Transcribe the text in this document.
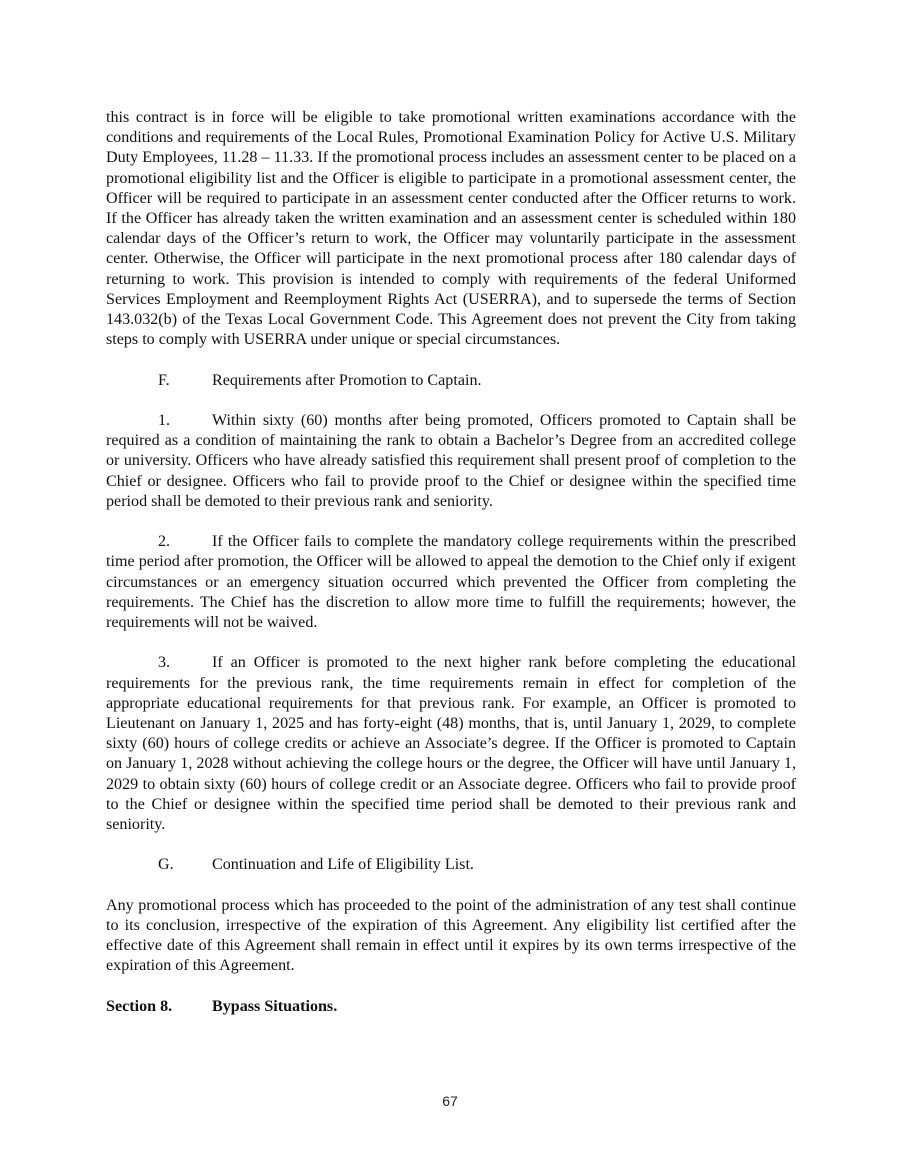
this contract is in force will be eligible to take promotional written examinations accordance with the conditions and requirements of the Local Rules, Promotional Examination Policy for Active U.S. Military Duty Employees, 11.28 – 11.33. If the promotional process includes an assessment center to be placed on a promotional eligibility list and the Officer is eligible to participate in a promotional assessment center, the Officer will be required to participate in an assessment center conducted after the Officer returns to work. If the Officer has already taken the written examination and an assessment center is scheduled within 180 calendar days of the Officer’s return to work, the Officer may voluntarily participate in the assessment center. Otherwise, the Officer will participate in the next promotional process after 180 calendar days of returning to work. This provision is intended to comply with requirements of the federal Uniformed Services Employment and Reemployment Rights Act (USERRA), and to supersede the terms of Section 143.032(b) of the Texas Local Government Code. This Agreement does not prevent the City from taking steps to comply with USERRA under unique or special circumstances.

F.	Requirements after Promotion to Captain.

1.	Within sixty (60) months after being promoted, Officers promoted to Captain shall be required as a condition of maintaining the rank to obtain a Bachelor’s Degree from an accredited college or university. Officers who have already satisfied this requirement shall present proof of completion to the Chief or designee. Officers who fail to provide proof to the Chief or designee within the specified time period shall be demoted to their previous rank and seniority.

2.	If the Officer fails to complete the mandatory college requirements within the prescribed time period after promotion, the Officer will be allowed to appeal the demotion to the Chief only if exigent circumstances or an emergency situation occurred which prevented the Officer from completing the requirements. The Chief has the discretion to allow more time to fulfill the requirements; however, the requirements will not be waived.

3.	If an Officer is promoted to the next higher rank before completing the educational requirements for the previous rank, the time requirements remain in effect for completion of the appropriate educational requirements for that previous rank. For example, an Officer is promoted to Lieutenant on January 1, 2025 and has forty-eight (48) months, that is, until January 1, 2029, to complete sixty (60) hours of college credits or achieve an Associate’s degree. If the Officer is promoted to Captain on January 1, 2028 without achieving the college hours or the degree, the Officer will have until January 1, 2029 to obtain sixty (60) hours of college credit or an Associate degree. Officers who fail to provide proof to the Chief or designee within the specified time period shall be demoted to their previous rank and seniority.

G.	Continuation and Life of Eligibility List.

Any promotional process which has proceeded to the point of the administration of any test shall continue to its conclusion, irrespective of the expiration of this Agreement. Any eligibility list certified after the effective date of this Agreement shall remain in effect until it expires by its own terms irrespective of the expiration of this Agreement.

Section 8.	Bypass Situations.
67
